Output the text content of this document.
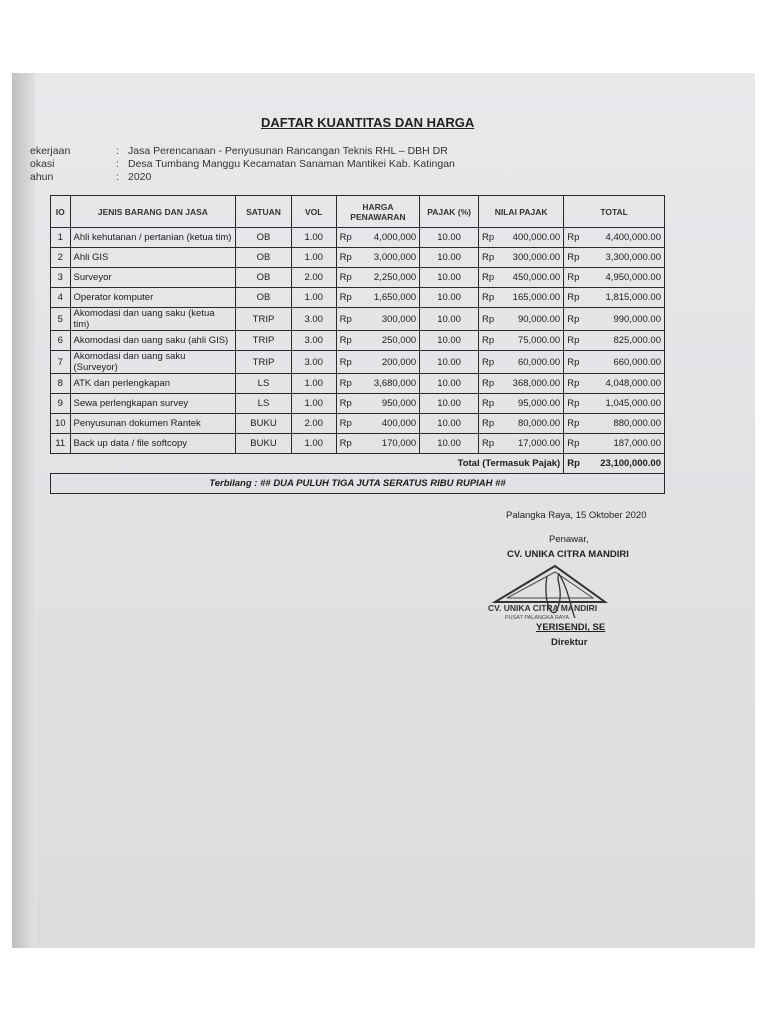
DAFTAR KUANTITAS DAN HARGA
ekerjaan	: Jasa Perencanaan - Penyusunan Rancangan Teknis RHL – DBH DR
okasi	: Desa Tumbang Manggu Kecamatan Sanaman Mantikei Kab. Katingan
ahun	: 2020
IO	JENIS BARANG DAN JASA	SATUAN	VOL	HARGA PENAWARAN	PAJAK (%)	NILAI PAJAK	TOTAL
1	Ahli kehutanan / pertanian (ketua tim)	OB	1.00	Rp 4,000,000	10.00	Rp 400,000.00	Rp 4,400,000.00

2	Ahli GIS	OB	1.00	Rp 3,000,000	10.00	Rp 300,000.00	Rp 3,300,000.00

3	Surveyor	OB	2.00	Rp 2,250,000	10.00	Rp 450,000.00	Rp 4,950,000.00

4	Operator komputer	OB	1.00	Rp 1,650,000	10.00	Rp 165,000.00	Rp 1,815,000.00

5	Akomodasi dan uang saku (ketua tim)	TRIP	3.00	Rp 300,000	10.00	Rp 90,000.00	Rp 990,000.00

6	Akomodasi dan uang saku (ahli GIS)	TRIP	3.00	Rp 250,000	10.00	Rp 75,000.00	Rp 825,000.00

7	Akomodasi dan uang saku (Surveyor)	TRIP	3.00	Rp 200,000	10.00	Rp 60,000.00	Rp 660,000.00

8	ATK dan perlengkapan	LS	1.00	Rp 3,680,000	10.00	Rp 368,000.00	Rp 4,048,000.00

9	Sewa perlengkapan survey	LS	1.00	Rp 950,000	10.00	Rp 95,000.00	Rp 1,045,000.00

10	Penyusunan dokumen Rantek	BUKU	2.00	Rp 400,000	10.00	Rp 80,000.00	Rp 880,000.00

11	Back up data / file softcopy	BUKU	1.00	Rp 170,000	10.00	Rp 17,000.00	Rp 187,000.00

Total (Termasuk Pajak)							Rp 23,100,000.00

Terbilang : ## DUA PULUH TIGA JUTA SERATUS RIBU RUPIAH ##							
Palangka Raya, 15 Oktober 2020
Penawar,
CV. UNIKA CITRA MANDIRI
CV. UNIKA CITRA MANDIRI
PUSAT PALANGKA RAYA
YERISENDI, SE
Direktur
